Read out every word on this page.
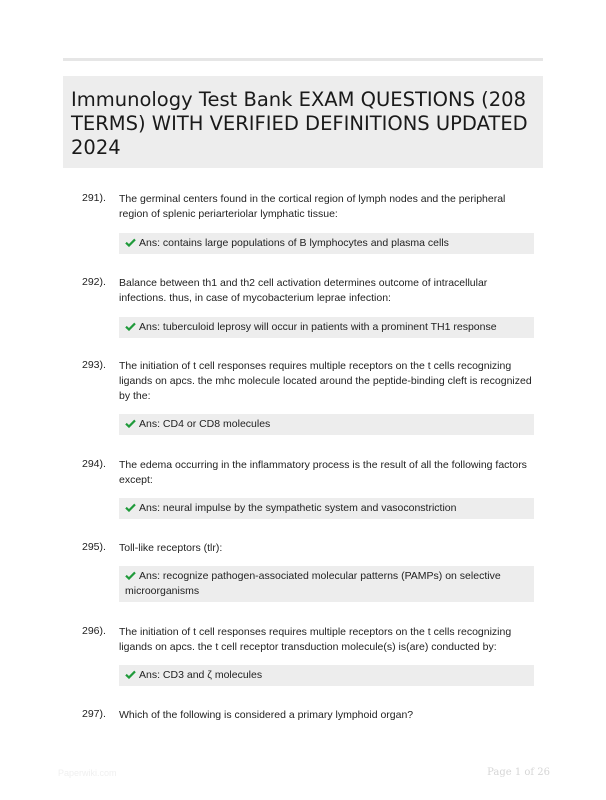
Immunology Test Bank EXAM QUESTIONS (208 TERMS) WITH VERIFIED DEFINITIONS UPDATED 2024
291). The germinal centers found in the cortical region of lymph nodes and the peripheral region of splenic periarteriolar lymphatic tissue:
Ans: contains large populations of B lymphocytes and plasma cells
292). Balance between th1 and th2 cell activation determines outcome of intracellular infections. thus, in case of mycobacterium leprae infection:
Ans: tuberculoid leprosy will occur in patients with a prominent TH1 response
293). The initiation of t cell responses requires multiple receptors on the t cells recognizing ligands on apcs. the mhc molecule located around the peptide-binding cleft is recognized by the:
Ans: CD4 or CD8 molecules
294). The edema occurring in the inflammatory process is the result of all the following factors except:
Ans: neural impulse by the sympathetic system and vasoconstriction
295). Toll-like receptors (tlr):
Ans: recognize pathogen-associated molecular patterns (PAMPs) on selective microorganisms
296). The initiation of t cell responses requires multiple receptors on the t cells recognizing ligands on apcs. the t cell receptor transduction molecule(s) is(are) conducted by:
Ans: CD3 and ζ molecules
297). Which of the following is considered a primary lymphoid organ?
Paperwiki.com	Page 1 of 26
